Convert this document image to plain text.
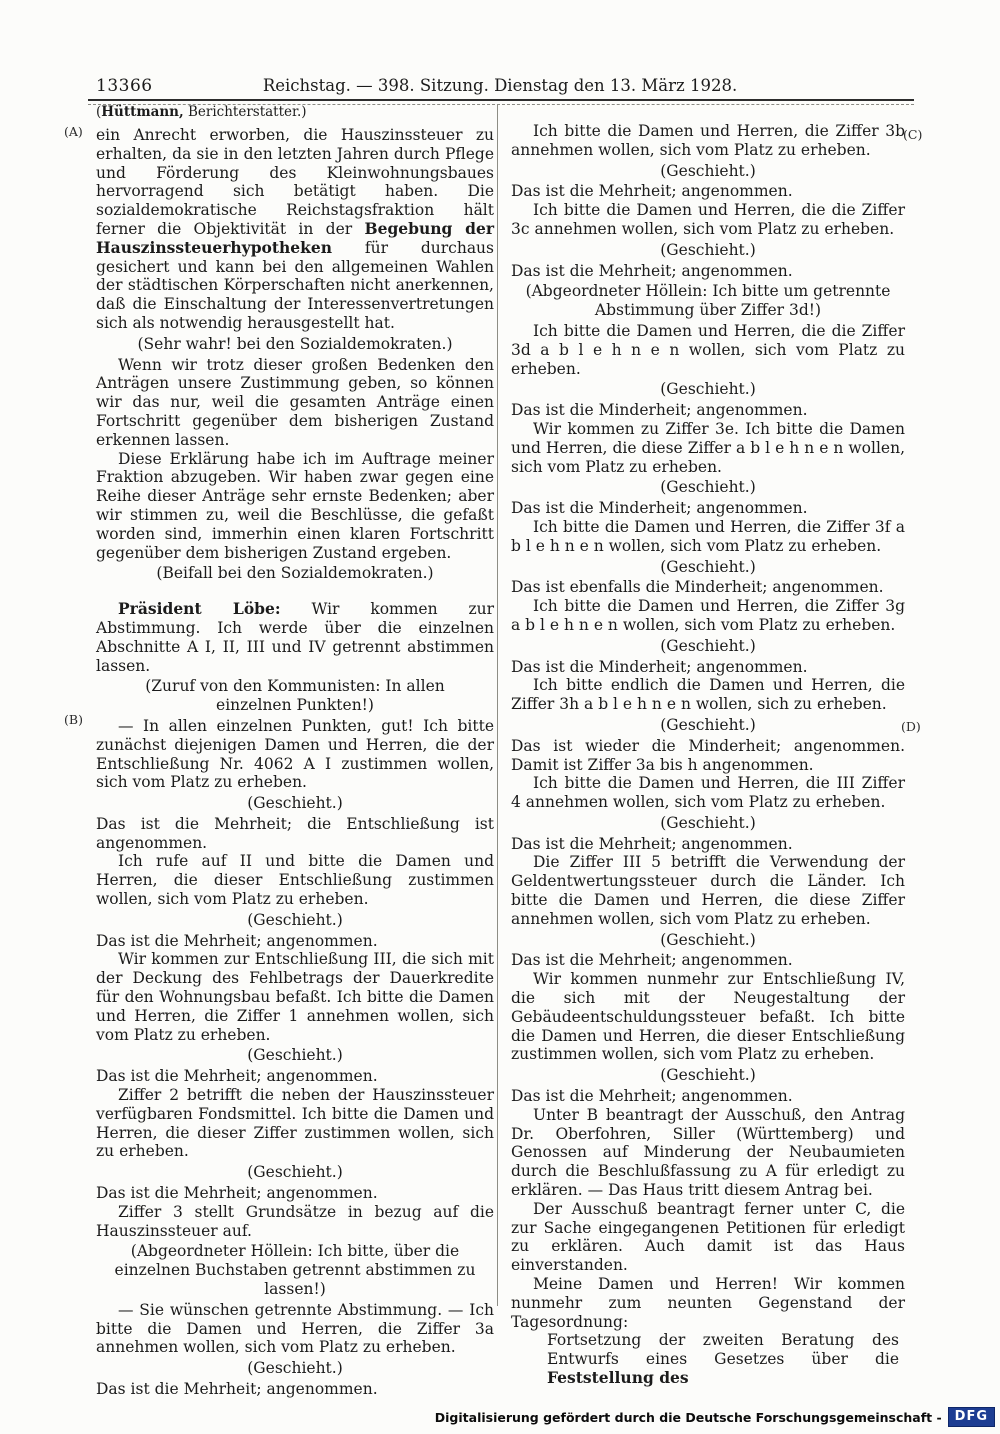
13366	Reichstag. — 398. Sitzung. Dienstag den 13. März 1928.

(Hüttmann, Berichterstatter.)

ein Anrecht erworben, die Hauszinssteuer zu erhalten, da sie in den letzten Jahren durch Pflege und Förderung des Kleinwohnungsbaues hervorragend sich betätigt haben. Die sozialdemokratische Reichstagsfraktion hält ferner die Objektivität in der Begebung der Hauszinssteuerhypotheken für durchaus gesichert und kann bei den allgemeinen Wahlen der städtischen Körperschaften nicht anerkennen, daß die Einschaltung der Interessenvertretungen sich als notwendig herausgestellt hat.

(Sehr wahr! bei den Sozialdemokraten.)

Wenn wir trotz dieser großen Bedenken den Anträgen unsere Zustimmung geben, so können wir das nur, weil die gesamten Anträge einen Fortschritt gegenüber dem bisherigen Zustand erkennen lassen.

Diese Erklärung habe ich im Auftrage meiner Fraktion abzugeben. Wir haben zwar gegen eine Reihe dieser Anträge sehr ernste Bedenken; aber wir stimmen zu, weil die Beschlüsse, die gefaßt worden sind, immerhin einen klaren Fortschritt gegenüber dem bisherigen Zustand ergeben.

(Beifall bei den Sozialdemokraten.)

Präsident Löbe: Wir kommen zur Abstimmung. Ich werde über die einzelnen Abschnitte A I, II, III und IV getrennt abstimmen lassen.

(Zuruf von den Kommunisten: In allen einzelnen Punkten!)

— In allen einzelnen Punkten, gut! Ich bitte zunächst diejenigen Damen und Herren, die der Entschließung Nr. 4062 A I zustimmen wollen, sich vom Platz zu erheben.

(Geschieht.)

Das ist die Mehrheit; die Entschließung ist angenommen.

Ich rufe auf II und bitte die Damen und Herren, die dieser Entschließung zustimmen wollen, sich vom Platz zu erheben.

(Geschieht.)

Das ist die Mehrheit; angenommen.

Wir kommen zur Entschließung III, die sich mit der Deckung des Fehlbetrags der Dauerkredite für den Wohnungsbau befaßt. Ich bitte die Damen und Herren, die Ziffer 1 annehmen wollen, sich vom Platz zu erheben.

(Geschieht.)

Das ist die Mehrheit; angenommen.

Ziffer 2 betrifft die neben der Hauszinssteuer verfügbaren Fondsmittel. Ich bitte die Damen und Herren, die dieser Ziffer zustimmen wollen, sich zu erheben.

(Geschieht.)

Das ist die Mehrheit; angenommen.

Ziffer 3 stellt Grundsätze in bezug auf die Hauszinssteuer auf.

(Abgeordneter Höllein: Ich bitte, über die einzelnen Buchstaben getrennt abstimmen zu lassen!)

— Sie wünschen getrennte Abstimmung. — Ich bitte die Damen und Herren, die Ziffer 3a annehmen wollen, sich vom Platz zu erheben.

(Geschieht.)

Das ist die Mehrheit; angenommen.

Ich bitte die Damen und Herren, die Ziffer 3b annehmen wollen, sich vom Platz zu erheben.

(Geschieht.)

Das ist die Mehrheit; angenommen.

Ich bitte die Damen und Herren, die die Ziffer 3c annehmen wollen, sich vom Platz zu erheben.

(Geschieht.)

Das ist die Mehrheit; angenommen.

(Abgeordneter Höllein: Ich bitte um getrennte Abstimmung über Ziffer 3d!)

Ich bitte die Damen und Herren, die die Ziffer 3d a b l e h n e n wollen, sich vom Platz zu erheben.

(Geschieht.)

Das ist die Minderheit; angenommen.

Wir kommen zu Ziffer 3e. Ich bitte die Damen und Herren, die diese Ziffer a b l e h n e n wollen, sich vom Platz zu erheben.

(Geschieht.)

Das ist die Minderheit; angenommen.

Ich bitte die Damen und Herren, die Ziffer 3f a b l e h n e n wollen, sich vom Platz zu erheben.

(Geschieht.)

Das ist ebenfalls die Minderheit; angenommen.

Ich bitte die Damen und Herren, die Ziffer 3g a b l e h n e n wollen, sich vom Platz zu erheben.

(Geschieht.)

Das ist die Minderheit; angenommen.

Ich bitte endlich die Damen und Herren, die Ziffer 3h a b l e h n e n wollen, sich zu erheben.

(Geschieht.)

Das ist wieder die Minderheit; angenommen. Damit ist Ziffer 3a bis h angenommen.

Ich bitte die Damen und Herren, die III Ziffer 4 annehmen wollen, sich vom Platz zu erheben.

(Geschieht.)

Das ist die Mehrheit; angenommen.

Die Ziffer III 5 betrifft die Verwendung der Geldentwertungssteuer durch die Länder. Ich bitte die Damen und Herren, die diese Ziffer annehmen wollen, sich vom Platz zu erheben.

(Geschieht.)

Das ist die Mehrheit; angenommen.

Wir kommen nunmehr zur Entschließung IV, die sich mit der Neugestaltung der Gebäudeentschuldungssteuer befaßt. Ich bitte die Damen und Herren, die dieser Entschließung zustimmen wollen, sich vom Platz zu erheben.

(Geschieht.)

Das ist die Mehrheit; angenommen.

Unter B beantragt der Ausschuß, den Antrag Dr. Oberfohren, Siller (Württemberg) und Genossen auf Minderung der Neubaumieten durch die Beschlußfassung zu A für erledigt zu erklären. — Das Haus tritt diesem Antrag bei.

Der Ausschuß beantragt ferner unter C, die zur Sache eingegangenen Petitionen für erledigt zu erklären. Auch damit ist das Haus einverstanden.

Meine Damen und Herren! Wir kommen nunmehr zum neunten Gegenstand der Tagesordnung:

Fortsetzung der zweiten Beratung des Entwurfs eines Gesetzes über die Feststellung des

(A)
(B)
(C)
(D)
Digitalisierung gefördert durch die Deutsche Forschungsgemeinschaft -	DFG
